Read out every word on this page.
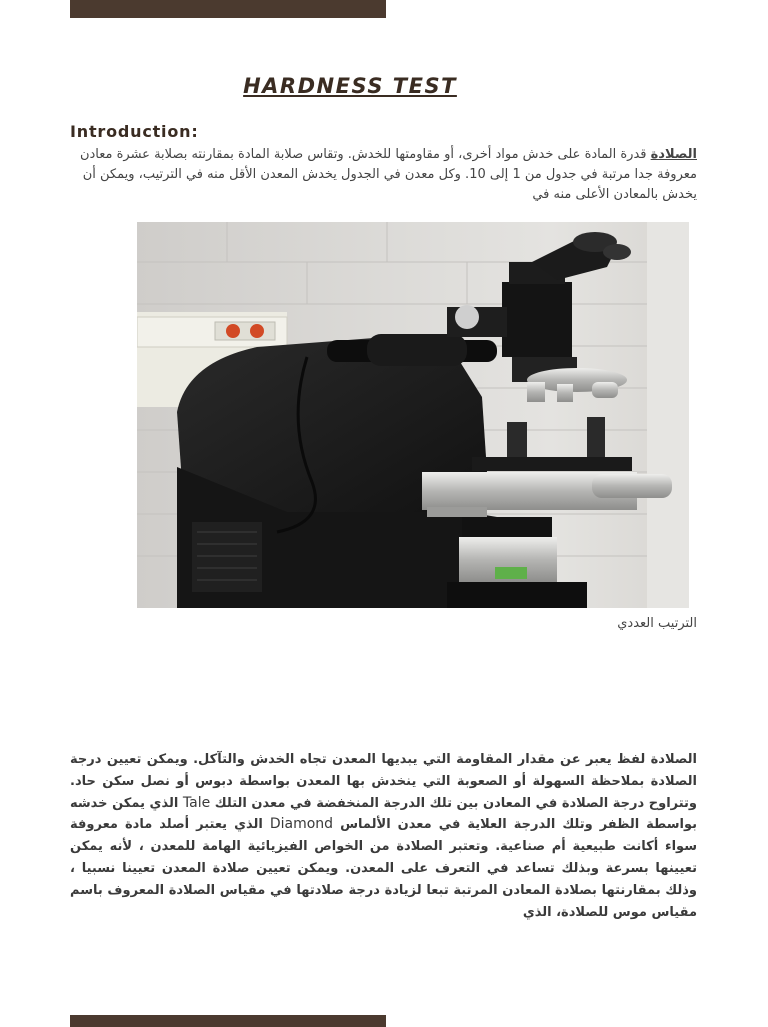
HARDNESS TEST
Introduction:
الصلادة قدرة المادة على خدش مواد أخرى، أو مقاومتها للخدش. وتقاس صلابة المادة بمقارنته بصلابة عشرة معادن معروفة جدا مرتبة في جدول من 1 إلى 10. وكل معدن في الجدول يخدش المعدن الأقل منه في الترتيب، ويمكن أن يخدش بالمعادن الأعلى منه في
الترتيب العددي
الصلادة لفظ يعبر عن مقدار المقاومة التي يبديها المعدن تجاه الخدش والتآكل. ويمكن تعيين درجة الصلادة بملاحظة السهولة أو الصعوبة التي ينخدش بها المعدن بواسطة دبوس أو نصل سكن حاد. وتتراوح درجة الصلادة في المعادن بين تلك الدرجة المنخفضة في معدن التلك Tale الذي يمكن خدشه بواسطة الظفر وتلك الدرجة العلاية في معدن الألماس Diamond الذي يعتبر أصلد مادة معروفة سواء أكانت طبيعية أم صناعية. وتعتبر الصلادة من الخواص الفيزيائية الهامة للمعدن ، لأنه يمكن تعيينها بسرعة وبذلك تساعد في التعرف على المعدن. ويمكن تعيين صلادة المعدن تعيينا نسبيا ، وذلك بمقارنتها بصلادة المعادن المرتبة تبعا لزيادة درجة صلادتها في مقياس الصلادة المعروف باسم مقياس موس للصلادة، الذي
